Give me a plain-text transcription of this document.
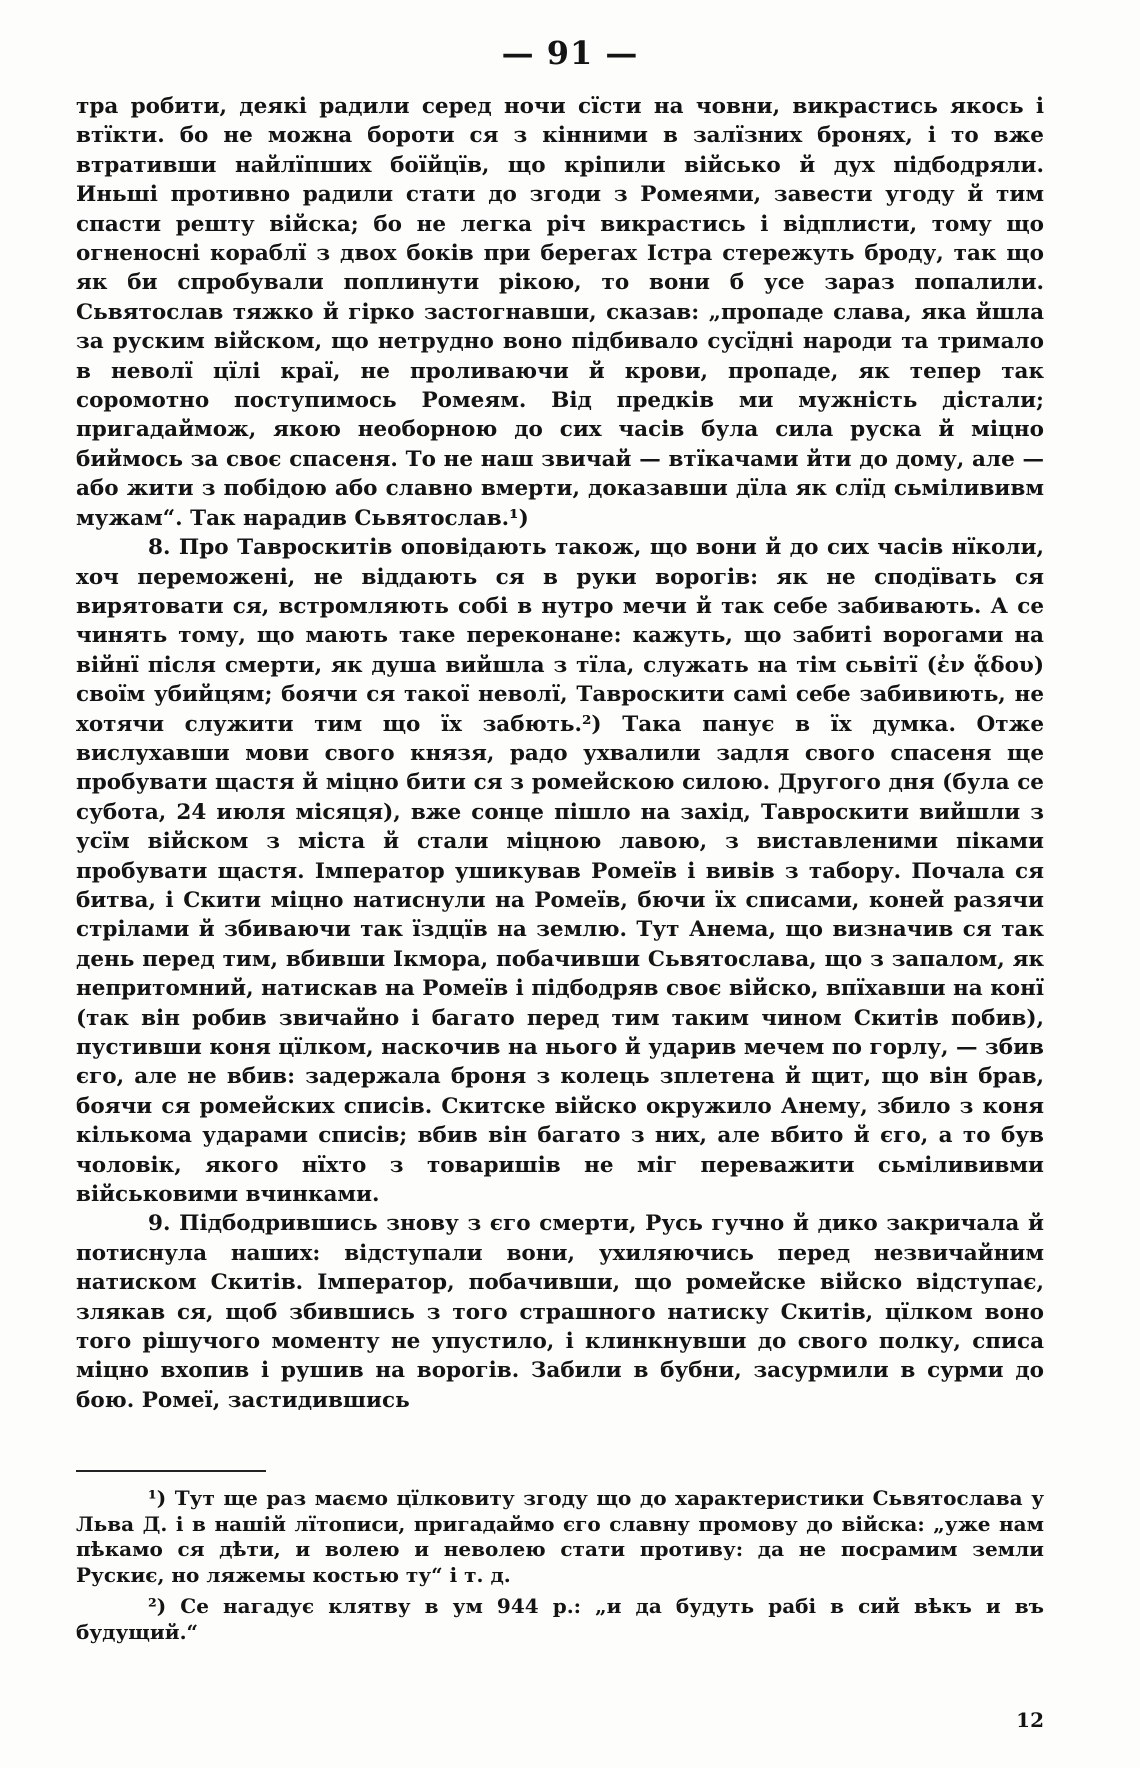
— 91 —

тра робити, деякі радили серед ночи сїсти на човни, викрастись якось і втїкти. бо не можна бороти ся з кінними в залїзних бронях, і то вже втративши найлїпших боїйцїв, що кріпили військо й дух підбодряли. Иньші противно радили стати до згоди з Ромеями, завести угоду й тим спасти решту війска; бо не легка річ викрастись і відплисти, тому що огненосні кораблї з двох боків при берегах Істра стережуть броду, так що як би спробували поплинути рікою, то вони б усе зараз попалили. Сьвятослав тяжко й гірко застогнавши, сказав: „пропаде слава, яка йшла за руским війском, що нетрудно воно підбивало сусїдні народи та тримало в неволї цїлі краї, не проливаючи й крови, пропаде, як тепер так соромотно поступимось Ромеям. Від предків ми мужність дістали; пригадаймож, якою необорною до сих часів була сила руска й міцно биймось за своє спасеня. То не наш звичай — втїкачами йти до дому, але — або жити з побідою або славно вмерти, доказавши дїла як слїд сьмілививм мужам“. Так нарадив Сьвятослав.¹)

8. Про Тавроскитів оповідають також, що вони й до сих часів нїколи, хоч переможені, не віддають ся в руки ворогів: як не сподївать ся вирятовати ся, встромляють собі в нутро мечи й так себе забивають. А се чинять тому, що мають таке переконане: кажуть, що забиті ворогами на війнї після смерти, як душа вийшла з тїла, служать на тім сьвітї (ἐν ᾅδου) своїм убийцям; боячи ся такої неволї, Тавроскити самі себе забивиють, не хотячи служити тим що їх забють.²) Така панує в їх думка. Отже вислухавши мови свого князя, радо ухвалили задля свого спасеня ще пробувати щастя й міцно бити ся з ромейскою силою. Другого дня (була се субота, 24 июля місяця), вже сонце пішло на захід, Тавроскити вийшли з усїм війском з міста й стали міцною лавою, з виставленими піками пробувати щастя. Імператор ушикував Ромеїв і вивів з табору. Почала ся битва, і Скити міцно натиснули на Ромеїв, бючи їх списами, коней разячи стрілами й збиваючи так їздцїв на землю. Тут Анема, що визначив ся так день перед тим, вбивши Ікмора, побачивши Сьвятослава, що з запалом, як непритомний, натискав на Ромеїв і підбодряв своє війско, впїхавши на конї (так він робив звичайно і багато перед тим таким чином Скитів побив), пустивши коня цїлком, наскочив на нього й ударив мечем по горлу, — збив єго, але не вбив: задержала броня з колець зплетена й щит, що він брав, боячи ся ромейских списів. Скитске війско окружило Анему, збило з коня кількома ударами списів; вбив він багато з них, але вбито й єго, а то був чоловік, якого нїхто з товаришів не міг переважити сьмілививми військовими вчинками.

9. Підбодрившись знову з єго смерти, Русь гучно й дико закричала й потиснула наших: відступали вони, ухиляючись перед незвичайним натиском Скитів. Імператор, побачивши, що ромейске війско відступає, злякав ся, щоб збившись з того страшного натиску Скитів, цїлком воно того рішучого моменту не упустило, і клинкнувши до свого полку, списа міцно вхопив і рушив на ворогів. Забили в бубни, засурмили в сурми до бою. Ромеї, застидившись

¹) Тут ще раз маємо цїлковиту згоду що до характеристики Сьвятослава у Льва Д. і в нашій лїтописи, пригадаймо єго славну промову до війска: „уже нам пѣкамо ся дѣти, и волею и неволею стати противу: да не посрамим земли Рускиє, но ляжемы костью ту“ і т. д.

²) Се нагадує клятву в ум 944 р.: „и да будуть рабі в сий вѣкъ и въ будущий.“

12
